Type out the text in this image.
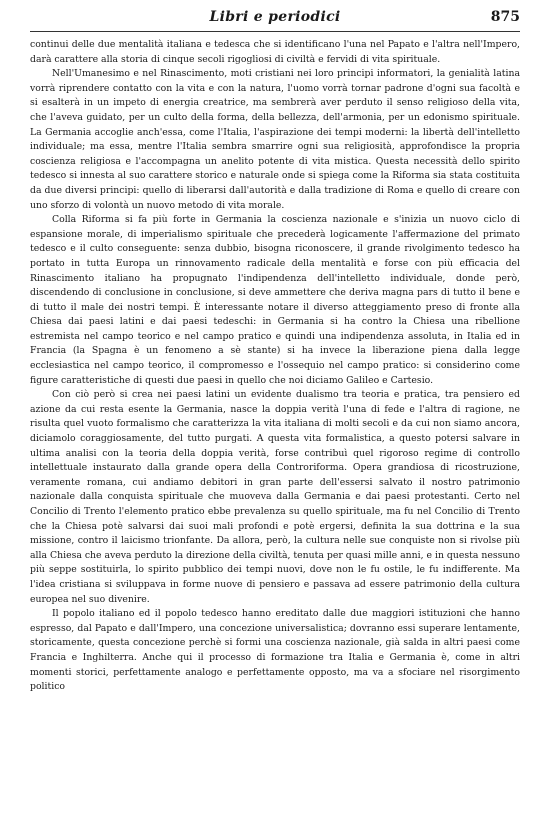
Libri e periodici	875

continui delle due mentalità italiana e tedesca che si identificano l'una nel Papato e l'altra nell'Impero, darà carattere alla storia di cinque secoli rigogliosi di civiltà e fervidi di vita spirituale.

Nell'Umanesimo e nel Rinascimento, moti cristiani nei loro principi informatori, la genialità latina vorrà riprendere contatto con la vita e con la natura, l'uomo vorrà tornar padrone d'ogni sua facoltà e si esalterà in un impeto di energia creatrice, ma sembrerà aver perduto il senso religioso della vita, che l'aveva guidato, per un culto della forma, della bellezza, dell'armonia, per un edonismo spirituale. La Germania accoglie anch'essa, come l'Italia, l'aspirazione dei tempi moderni: la libertà dell'intelletto individuale; ma essa, mentre l'Italia sembra smarrire ogni sua religiosità, approfondisce la propria coscienza religiosa e l'accompagna un anelito potente di vita mistica. Questa necessità dello spirito tedesco si innesta al suo carattere storico e naturale onde si spiega come la Riforma sia stata costituita da due diversi principi: quello di liberarsi dall'autorità e dalla tradizione di Roma e quello di creare con uno sforzo di volontà un nuovo metodo di vita morale.

Colla Riforma si fa più forte in Germania la coscienza nazionale e s'inizia un nuovo ciclo di espansione morale, di imperialismo spirituale che precederà logicamente l'affermazione del primato tedesco e il culto conseguente: senza dubbio, bisogna riconoscere, il grande rivolgimento tedesco ha portato in tutta Europa un rinnovamento radicale della mentalità e forse con più efficacia del Rinascimento italiano ha propugnato l'indipendenza dell'intelletto individuale, donde però, discendendo di conclusione in conclusione, si deve ammettere che deriva magna pars di tutto il bene e di tutto il male dei nostri tempi. È interessante notare il diverso atteggiamento preso di fronte alla Chiesa dai paesi latini e dai paesi tedeschi: in Germania si ha contro la Chiesa una ribellione estremista nel campo teorico e nel campo pratico e quindi una indipendenza assoluta, in Italia ed in Francia (la Spagna è un fenomeno a sè stante) si ha invece la liberazione piena dalla legge ecclesiastica nel campo teorico, il compromesso e l'ossequio nel campo pratico: si considerino come figure caratteristiche di questi due paesi in quello che noi diciamo Galileo e Cartesio.

Con ciò però si crea nei paesi latini un evidente dualismo tra teoria e pratica, tra pensiero ed azione da cui resta esente la Germania, nasce la doppia verità l'una di fede e l'altra di ragione, ne risulta quel vuoto formalismo che caratterizza la vita italiana di molti secoli e da cui non siamo ancora, diciamolo coraggiosamente, del tutto purgati. A questa vita formalistica, a questo potersi salvare in ultima analisi con la teoria della doppia verità, forse contribuì quel rigoroso regime di controllo intellettuale instaurato dalla grande opera della Controriforma. Opera grandiosa di ricostruzione, veramente romana, cui andiamo debitori in gran parte dell'essersi salvato il nostro patrimonio nazionale dalla conquista spirituale che muoveva dalla Germania e dai paesi protestanti. Certo nel Concilio di Trento l'elemento pratico ebbe prevalenza su quello spirituale, ma fu nel Concilio di Trento che la Chiesa potè salvarsi dai suoi mali profondi e potè ergersi, definita la sua dottrina e la sua missione, contro il laicismo trionfante. Da allora, però, la cultura nelle sue conquiste non si rivolse più alla Chiesa che aveva perduto la direzione della civiltà, tenuta per quasi mille anni, e in questa nessuno più seppe sostituirla, lo spirito pubblico dei tempi nuovi, dove non le fu ostile, le fu indifferente. Ma l'idea cristiana si sviluppava in forme nuove di pensiero e passava ad essere patrimonio della cultura europea nel suo divenire.

Il popolo italiano ed il popolo tedesco hanno ereditato dalle due maggiori istituzioni che hanno espresso, dal Papato e dall'Impero, una concezione universalistica; dovranno essi superare lentamente, storicamente, questa concezione perchè si formi una coscienza nazionale, già salda in altri paesi come Francia e Inghilterra. Anche qui il processo di formazione tra Italia e Germania è, come in altri momenti storici, perfettamente analogo e perfettamente opposto, ma va a sfociare nel risorgimento politico
